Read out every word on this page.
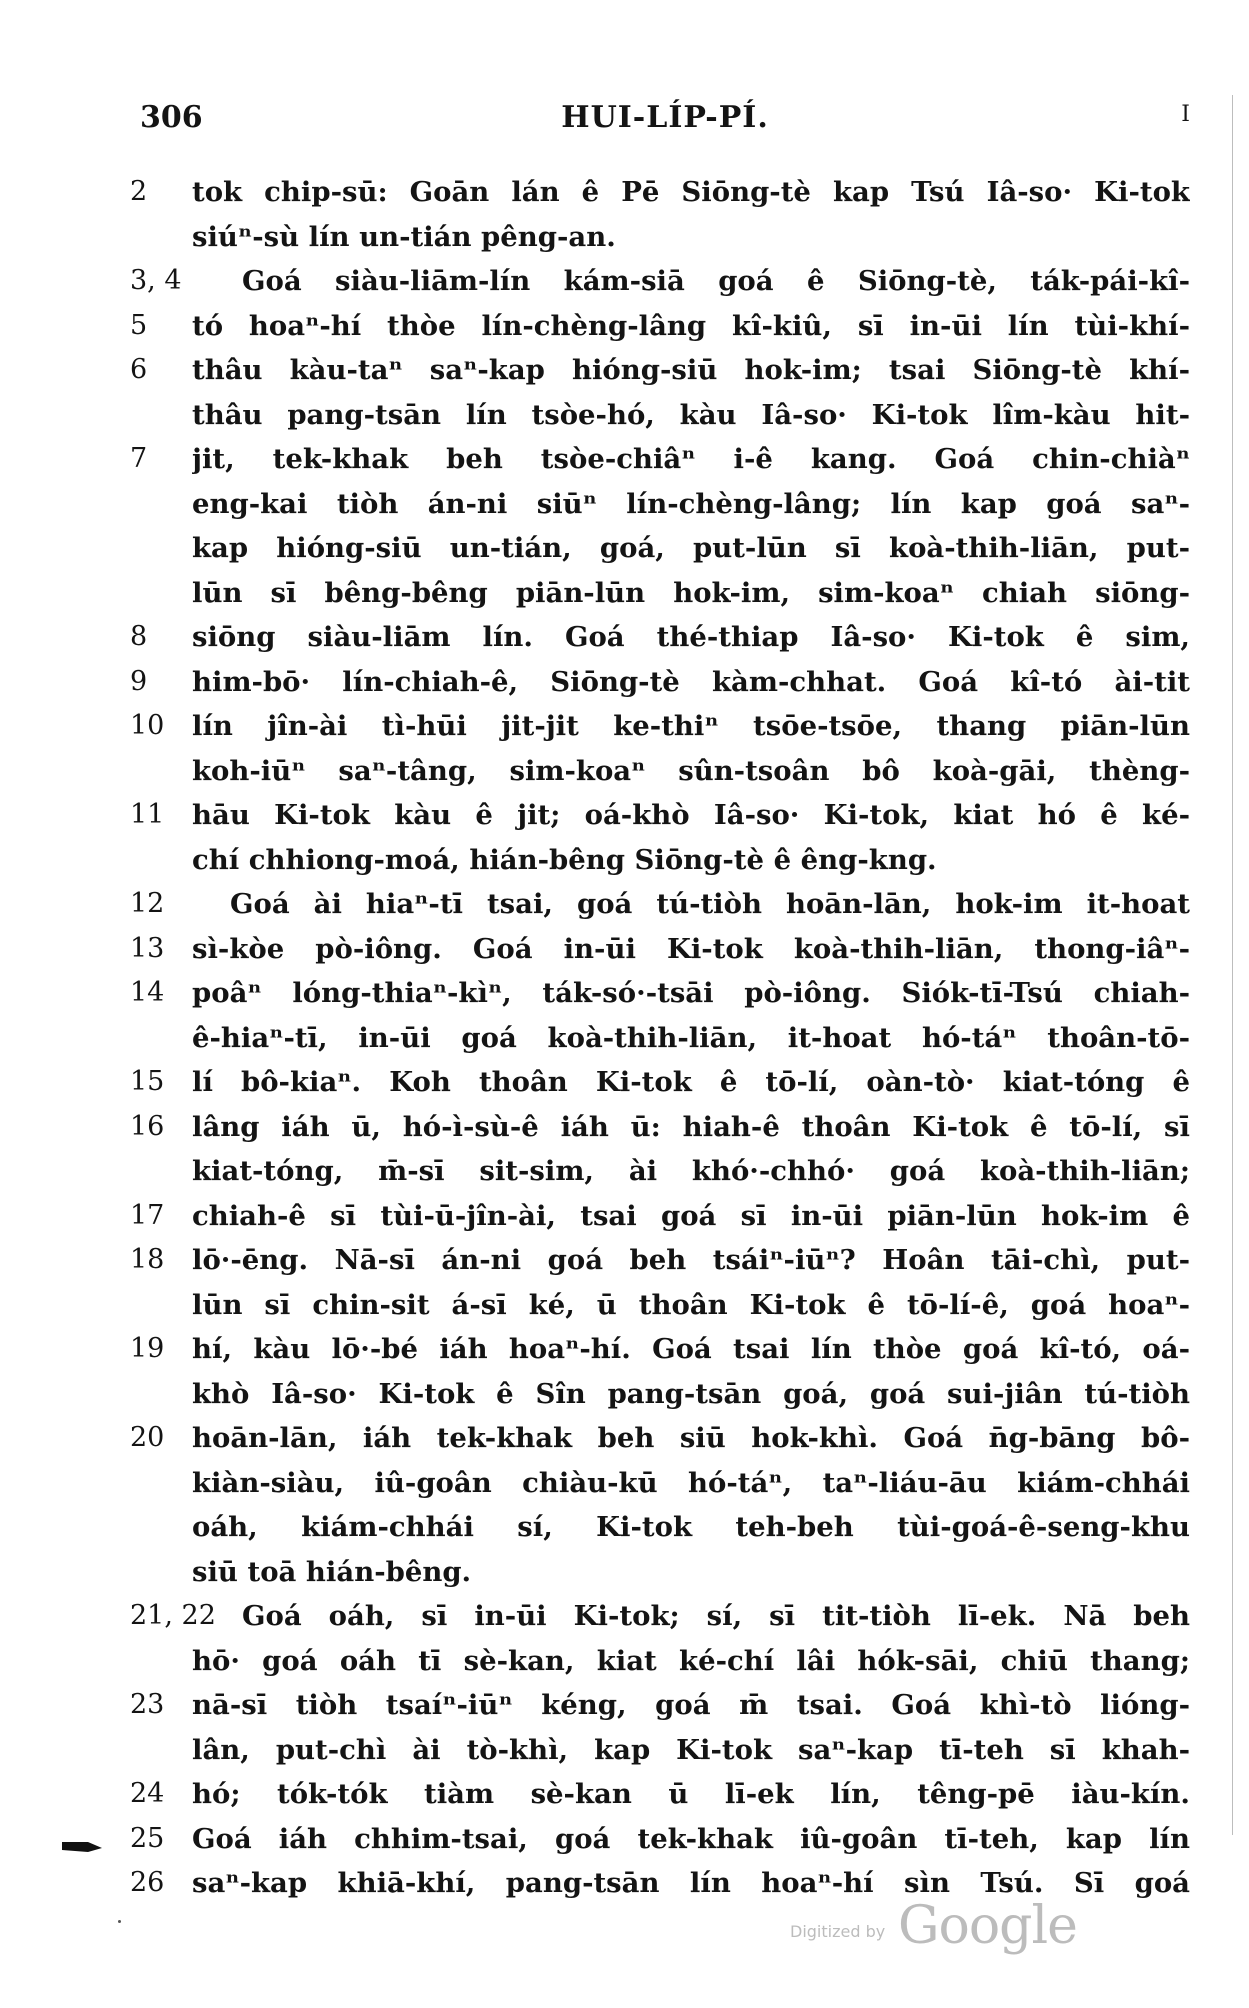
306	HUI-LÍP-PÍ.	I
2	tok chip-sū: Goān lán ê Pē Siōng-tè kap Tsú Iâ-so· Ki-tok
siúⁿ-sù lín un-tián pêng-an.
3, 4	Goá siàu-liām-lín kám-siā goá ê Siōng-tè, ták-pái-kî-
5	tó hoaⁿ-hí thòe lín-chèng-lâng kî-kiû, sī in-ūi lín tùi-khí-
6	thâu kàu-taⁿ saⁿ-kap hióng-siū hok-im; tsai Siōng-tè khí-
thâu pang-tsān lín tsòe-hó, kàu Iâ-so· Ki-tok lîm-kàu hit-
7	jit, tek-khak beh tsòe-chiâⁿ i-ê kang. Goá chin-chiàⁿ
eng-kai tiòh án-ni siūⁿ lín-chèng-lâng; lín kap goá saⁿ-
kap hióng-siū un-tián, goá, put-lūn sī koà-thih-liān, put-
lūn sī bêng-bêng piān-lūn hok-im, sim-koaⁿ chiah siōng-
8	siōng siàu-liām lín. Goá thé-thiap Iâ-so· Ki-tok ê sim,
9	him-bō· lín-chiah-ê, Siōng-tè kàm-chhat. Goá kî-tó ài-tit
10	lín jîn-ài tì-hūi jit-jit ke-thiⁿ tsōe-tsōe, thang piān-lūn
koh-iūⁿ saⁿ-tâng, sim-koaⁿ sûn-tsoân bô koà-gāi, thèng-
11	hāu Ki-tok kàu ê jit; oá-khò Iâ-so· Ki-tok, kiat hó ê ké-
chí chhiong-moá, hián-bêng Siōng-tè ê êng-kng.
12	Goá ài hiaⁿ-tī tsai, goá tú-tiòh hoān-lān, hok-im it-hoat
13	sì-kòe pò-iông. Goá in-ūi Ki-tok koà-thih-liān, thong-iâⁿ-
14	poâⁿ lóng-thiaⁿ-kìⁿ, ták-só·-tsāi pò-iông. Siók-tī-Tsú chiah-
ê-hiaⁿ-tī, in-ūi goá koà-thih-liān, it-hoat hó-táⁿ thoân-tō-
15	lí bô-kiaⁿ. Koh thoân Ki-tok ê tō-lí, oàn-tò· kiat-tóng ê
16	lâng iáh ū, hó-ì-sù-ê iáh ū: hiah-ê thoân Ki-tok ê tō-lí, sī
kiat-tóng, m̄-sī sit-sim, ài khó·-chhó· goá koà-thih-liān;
17	chiah-ê sī tùi-ū-jîn-ài, tsai goá sī in-ūi piān-lūn hok-im ê
18	lō·-ēng. Nā-sī án-ni goá beh tsáiⁿ-iūⁿ? Hoân tāi-chì, put-
lūn sī chin-sit á-sī ké, ū thoân Ki-tok ê tō-lí-ê, goá hoaⁿ-
19	hí, kàu lō·-bé iáh hoaⁿ-hí. Goá tsai lín thòe goá kî-tó, oá-
khò Iâ-so· Ki-tok ê Sîn pang-tsān goá, goá sui-jiân tú-tiòh
20	hoān-lān, iáh tek-khak beh siū hok-khì. Goá n̄g-bāng bô-
kiàn-siàu, iû-goân chiàu-kū hó-táⁿ, taⁿ-liáu-āu kiám-chhái
oáh, kiám-chhái sí, Ki-tok teh-beh tùi-goá-ê-seng-khu
siū toā hián-bêng.
21, 22 Goá oáh, sī in-ūi Ki-tok; sí, sī tit-tiòh lī-ek. Nā beh
hō· goá oáh tī sè-kan, kiat ké-chí lâi hók-sāi, chiū thang;
23	nā-sī tiòh tsaíⁿ-iūⁿ kéng, goá m̄ tsai. Goá khì-tò lióng-
lân, put-chì ài tò-khì, kap Ki-tok saⁿ-kap tī-teh sī khah-
24	hó; tók-tók tiàm sè-kan ū lī-ek lín, têng-pē iàu-kín.
25	Goá iáh chhim-tsai, goá tek-khak iû-goân tī-teh, kap lín
26	saⁿ-kap khiā-khí, pang-tsān lín hoaⁿ-hí sìn Tsú. Sī goá
Digitized by Google
